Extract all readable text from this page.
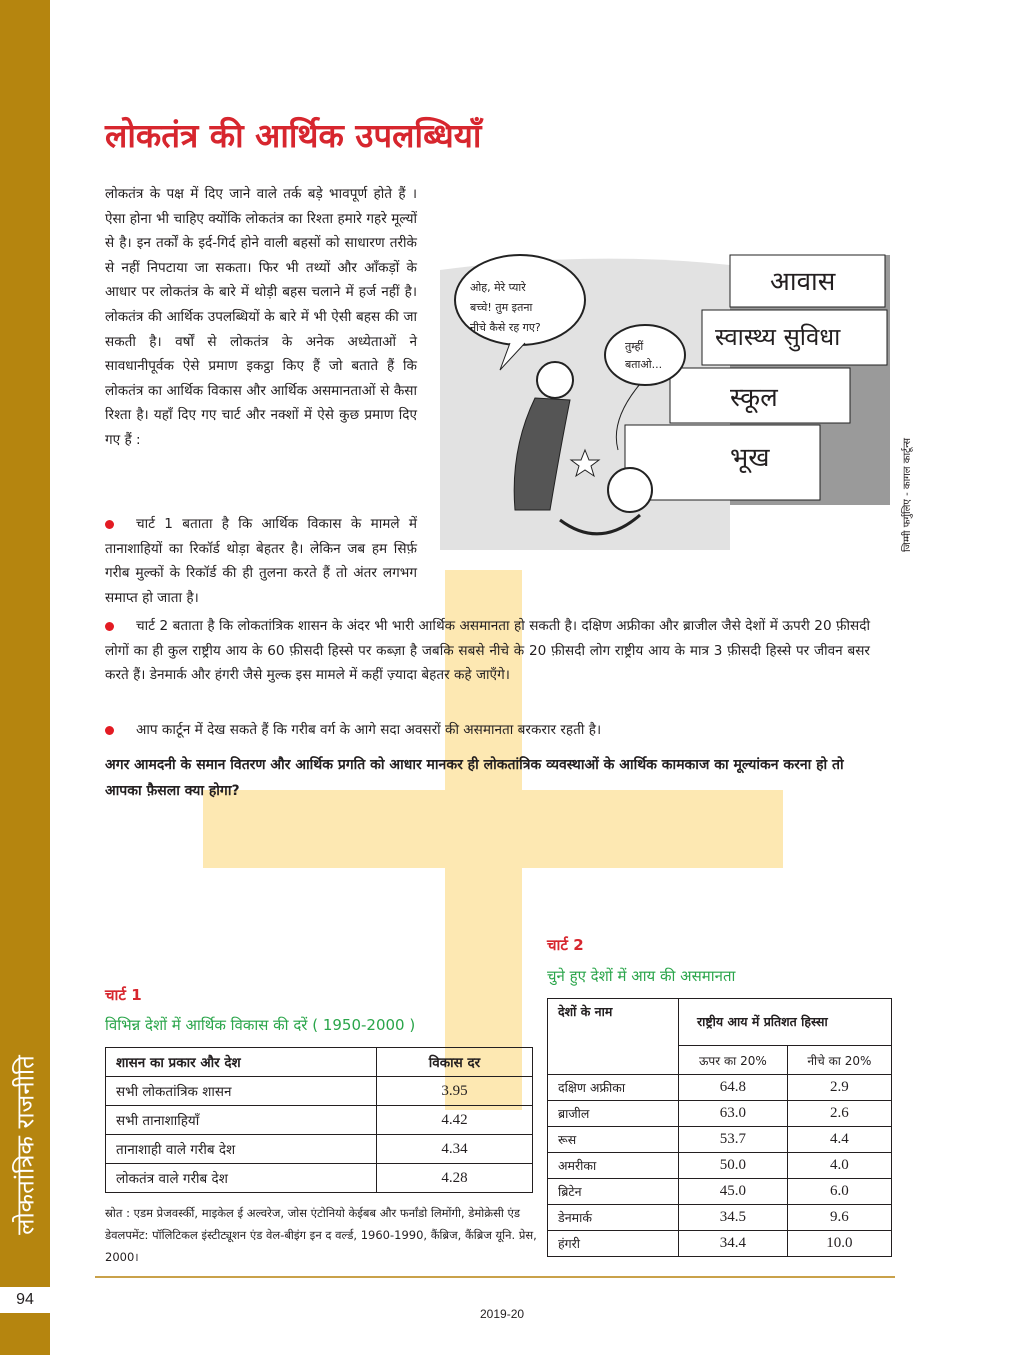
लोकतांत्रिक राजनीति
94
लोकतंत्र की आर्थिक उपलब्धियाँ
लोकतंत्र के पक्ष में दिए जाने वाले तर्क बड़े भावपूर्ण होते हैं । ऐसा होना भी चाहिए क्योंकि लोकतंत्र का रिश्ता हमारे गहरे मूल्यों से है। इन तर्कों के इर्द-गिर्द होने वाली बहसों को साधारण तरीके से नहीं निपटाया जा सकता। फिर भी तथ्यों और आँकड़ों के आधार पर लोकतंत्र के बारे में थोड़ी बहस चलाने में हर्ज नहीं है। लोकतंत्र की आर्थिक उपलब्धियों के बारे में भी ऐसी बहस की जा सकती है। वर्षों से लोकतंत्र के अनेक अध्येताओं ने सावधानीपूर्वक ऐसे प्रमाण इकट्ठा किए हैं जो बताते हैं कि लोकतंत्र का आर्थिक विकास और आर्थिक असमानताओं से कैसा रिश्ता है। यहाँ दिए गए चार्ट और नक्शों में ऐसे कुछ प्रमाण दिए गए हैं :
चार्ट 1 बताता है कि आर्थिक विकास के मामले में तानाशाहियों का रिकॉर्ड थोड़ा बेहतर है। लेकिन जब हम सिर्फ़ गरीब मुल्कों के रिकॉर्ड की ही तुलना करते हैं तो अंतर लगभग समाप्त हो जाता है।
चार्ट 2 बताता है कि लोकतांत्रिक शासन के अंदर भी भारी आर्थिक असमानता हो सकती है। दक्षिण अफ्रीका और ब्राजील जैसे देशों में ऊपरी 20 फ़ीसदी लोगों का ही कुल राष्ट्रीय आय के 60 फ़ीसदी हिस्से पर कब्ज़ा है जबकि सबसे नीचे के 20 फ़ीसदी लोग राष्ट्रीय आय के मात्र 3 फ़ीसदी हिस्से पर जीवन बसर करते हैं। डेनमार्क और हंगरी जैसे मुल्क इस मामले में कहीं ज़्यादा बेहतर कहे जाएँगे।
आप कार्टून में देख सकते हैं कि गरीब वर्ग के आगे सदा अवसरों की असमानता बरकरार रहती है।
अगर आमदनी के समान वितरण और आर्थिक प्रगति को आधार मानकर ही लोकतांत्रिक व्यवस्थाओं के आर्थिक कामकाज का मूल्यांकन करना हो तो आपका फ़ैसला क्या होगा?
ओह, मेरे प्यारे
बच्चे! तुम इतना
नीचे कैसे रह गए?
तुम्हीं
बताओ...
आवास
स्वास्थ्य सुविधा
स्कूल
भूख	जिम्मी फर्गुलिए - कागल कार्टून्स
चार्ट 1
विभिन्न देशों में आर्थिक विकास की दरें ( 1950-2000 )
शासन का प्रकार और देश	विकास दर
सभी लोकतांत्रिक शासन	3.95
सभी तानाशाहियाँ	4.42
तानाशाही वाले गरीब देश	4.34
लोकतंत्र वाले गरीब देश	4.28
स्रोत : एडम प्रेजवर्स्की, माइकेल ई अल्वरेज, जोस एंटोनियो केईबब और फर्नांडो लिमोंगी, डेमोक्रेसी एंड डेवलपमेंट: पॉलिटिकल इंस्टीट्यूशन एंड वेल-बीइंग इन द वर्ल्ड, 1960-1990, कैंब्रिज, कैंब्रिज यूनि. प्रेस, 2000।
चार्ट 2
चुने हुए देशों में आय की असमानता
देशों के नाम	राष्ट्रीय आय में प्रतिशत हिस्सा	
	ऊपर का 20%	नीचे का 20%
दक्षिण अफ्रीका	64.8	2.9
ब्राजील	63.0	2.6
रूस	53.7	4.4
अमरीका	50.0	4.0
ब्रिटेन	45.0	6.0
डेनमार्क	34.5	9.6
हंगरी	34.4	10.0
2019-20
